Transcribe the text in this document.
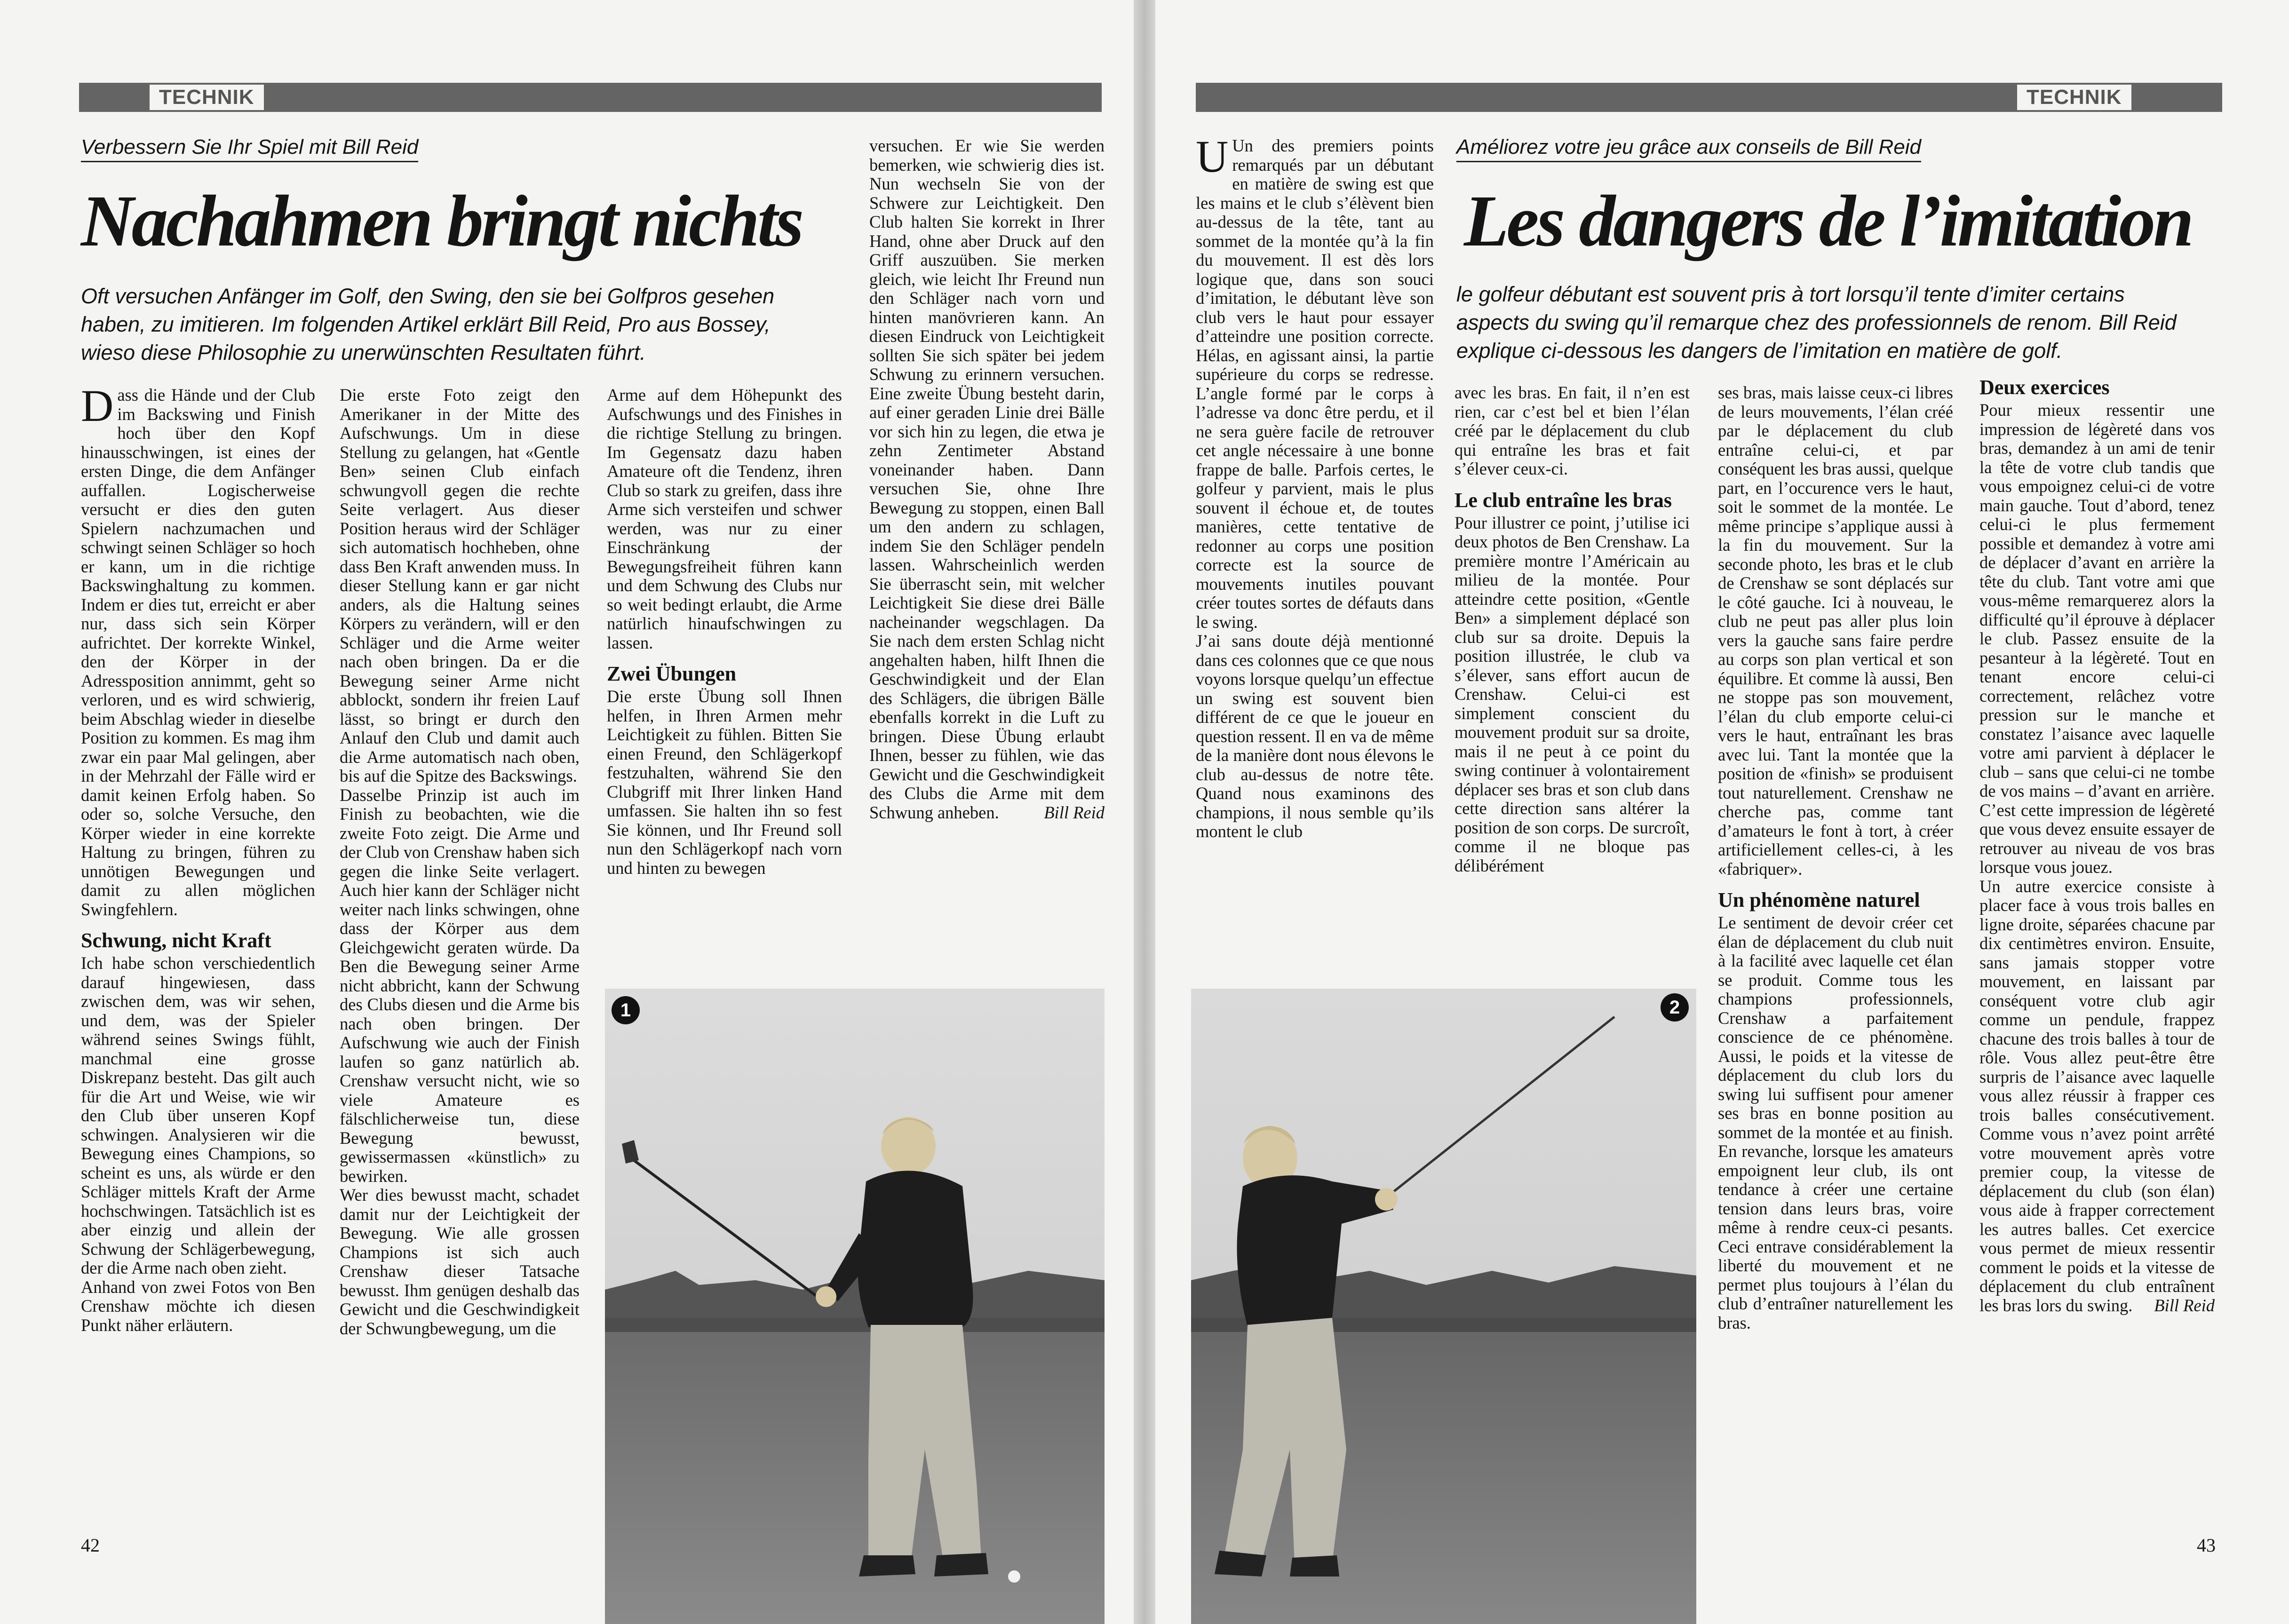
TECHNIK
Verbessern Sie Ihr Spiel mit Bill Reid
Nachahmen bringt nichts
Oft versuchen Anfänger im Golf, den Swing, den sie bei Golfpros gesehen haben, zu imitieren. Im folgenden Artikel erklärt Bill Reid, Pro aus Bossey, wieso diese Philosophie zu unerwünschten Resultaten führt.

Dass die Hände und der Club im Backswing und Finish hoch über den Kopf hinausschwingen, ist eines der ersten Dinge, die dem Anfänger auffallen. Logischerweise versucht er dies den guten Spielern nachzumachen und schwingt seinen Schläger so hoch er kann, um in die richtige Backswinghaltung zu kommen. Indem er dies tut, erreicht er aber nur, dass sich sein Körper aufrichtet. Der korrekte Winkel, den der Körper in der Adressposition annimmt, geht so verloren, und es wird schwierig, beim Abschlag wieder in dieselbe Position zu kommen. Es mag ihm zwar ein paar Mal gelingen, aber in der Mehrzahl der Fälle wird er damit keinen Erfolg haben. So oder so, solche Versuche, den Körper wieder in eine korrekte Haltung zu bringen, führen zu unnötigen Bewegungen und damit zu allen möglichen Swingfehlern.

Schwung, nicht Kraft

Ich habe schon verschiedentlich darauf hingewiesen, dass zwischen dem, was wir sehen, und dem, was der Spieler während seines Swings fühlt, manchmal eine grosse Diskrepanz besteht. Das gilt auch für die Art und Weise, wie wir den Club über unseren Kopf schwingen. Analysieren wir die Bewegung eines Champions, so scheint es uns, als würde er den Schläger mittels Kraft der Arme hochschwingen. Tatsächlich ist es aber einzig und allein der Schwung der Schlägerbewegung, der die Arme nach oben zieht.

Anhand von zwei Fotos von Ben Crenshaw möchte ich diesen Punkt näher erläutern.

Die erste Foto zeigt den Amerikaner in der Mitte des Aufschwungs. Um in diese Stellung zu gelangen, hat «Gentle Ben» seinen Club einfach schwungvoll gegen die rechte Seite verlagert. Aus dieser Position heraus wird der Schläger sich automatisch hochheben, ohne dass Ben Kraft anwenden muss. In dieser Stellung kann er gar nicht anders, als die Haltung seines Körpers zu verändern, will er den Schläger und die Arme weiter nach oben bringen. Da er die Bewegung seiner Arme nicht abblockt, sondern ihr freien Lauf lässt, so bringt er durch den Anlauf den Club und damit auch die Arme automatisch nach oben, bis auf die Spitze des Backswings.

Dasselbe Prinzip ist auch im Finish zu beobachten, wie die zweite Foto zeigt. Die Arme und der Club von Crenshaw haben sich gegen die linke Seite verlagert. Auch hier kann der Schläger nicht weiter nach links schwingen, ohne dass der Körper aus dem Gleichgewicht geraten würde. Da Ben die Bewegung seiner Arme nicht abbricht, kann der Schwung des Clubs diesen und die Arme bis nach oben bringen. Der Aufschwung wie auch der Finish laufen so ganz natürlich ab. Crenshaw versucht nicht, wie so viele Amateure es fälschlicherweise tun, diese Bewegung bewusst, gewissermassen «künstlich» zu bewirken.

Wer dies bewusst macht, schadet damit nur der Leichtigkeit der Bewegung. Wie alle grossen Champions ist sich auch Crenshaw dieser Tatsache bewusst. Ihm genügen deshalb das Gewicht und die Geschwindigkeit der Schwungbewegung, um die

Arme auf dem Höhepunkt des Aufschwungs und des Finishes in die richtige Stellung zu bringen. Im Gegensatz dazu haben Amateure oft die Tendenz, ihren Club so stark zu greifen, dass ihre Arme sich versteifen und schwer werden, was nur zu einer Einschränkung der Bewegungsfreiheit führen kann und dem Schwung des Clubs nur so weit bedingt erlaubt, die Arme natürlich hinaufschwingen zu lassen.

Zwei Übungen

Die erste Übung soll Ihnen helfen, in Ihren Armen mehr Leichtigkeit zu fühlen. Bitten Sie einen Freund, den Schlägerkopf festzuhalten, während Sie den Clubgriff mit Ihrer linken Hand umfassen. Sie halten ihn so fest Sie können, und Ihr Freund soll nun den Schlägerkopf nach vorn und hinten zu bewegen

versuchen. Er wie Sie werden bemerken, wie schwierig dies ist. Nun wechseln Sie von der Schwere zur Leichtigkeit. Den Club halten Sie korrekt in Ihrer Hand, ohne aber Druck auf den Griff auszuüben. Sie merken gleich, wie leicht Ihr Freund nun den Schläger nach vorn und hinten manövrieren kann. An diesen Eindruck von Leichtigkeit sollten Sie sich später bei jedem Schwung zu erinnern versuchen. Eine zweite Übung besteht darin, auf einer geraden Linie drei Bälle vor sich hin zu legen, die etwa je zehn Zentimeter Abstand voneinander haben. Dann versuchen Sie, ohne Ihre Bewegung zu stoppen, einen Ball um den andern zu schlagen, indem Sie den Schläger pendeln lassen. Wahrscheinlich werden Sie überrascht sein, mit welcher Leichtigkeit Sie diese drei Bälle nacheinander wegschlagen. Da Sie nach dem ersten Schlag nicht angehalten haben, hilft Ihnen die Geschwindigkeit und der Elan des Schlägers, die übrigen Bälle ebenfalls korrekt in die Luft zu bringen. Diese Übung erlaubt Ihnen, besser zu fühlen, wie das Gewicht und die Geschwindigkeit des Clubs die Arme mit dem Schwung anheben.	Bill Reid

1
42
TECHNIK
Améliorez votre jeu grâce aux conseils de Bill Reid
Les dangers de l’imitation
le golfeur débutant est souvent pris à tort lorsqu’il tente d’imiter certains aspects du swing qu’il remarque chez des professionnels de renom. Bill Reid explique ci-dessous les dangers de l’imitation en matière de golf.

U Un des premiers points remarqués par un débutant en matière de swing est que les mains et le club s’élèvent bien au-dessus de la tête, tant au sommet de la montée qu’à la fin du mouvement. Il est dès lors logique que, dans son souci d’imitation, le débutant lève son club vers le haut pour essayer d’atteindre une position correcte. Hélas, en agissant ainsi, la partie supérieure du corps se redresse. L’angle formé par le corps à l’adresse va donc être perdu, et il ne sera guère facile de retrouver cet angle nécessaire à une bonne frappe de balle. Parfois certes, le golfeur y parvient, mais le plus souvent il échoue et, de toutes manières, cette tentative de redonner au corps une position correcte est la source de mouvements inutiles pouvant créer toutes sortes de défauts dans le swing.

J’ai sans doute déjà mentionné dans ces colonnes que ce que nous voyons lorsque quelqu’un effectue un swing est souvent bien différent de ce que le joueur en question ressent. Il en va de même de la manière dont nous élevons le club au-dessus de notre tête. Quand nous examinons des champions, il nous semble qu’ils montent le club

avec les bras. En fait, il n’en est rien, car c’est bel et bien l’élan créé par le déplacement du club qui entraîne les bras et fait s’élever ceux-ci.

Le club entraîne les bras

Pour illustrer ce point, j’utilise ici deux photos de Ben Crenshaw. La première montre l’Américain au milieu de la montée. Pour atteindre cette position, «Gentle Ben» a simplement déplacé son club sur sa droite. Depuis la position illustrée, le club va s’élever, sans effort aucun de Crenshaw. Celui-ci est simplement conscient du mouvement produit sur sa droite, mais il ne peut à ce point du swing continuer à volontairement déplacer ses bras et son club dans cette direction sans altérer la position de son corps. De surcroît, comme il ne bloque pas délibérément

ses bras, mais laisse ceux-ci libres de leurs mouvements, l’élan créé par le déplacement du club entraîne celui-ci, et par conséquent les bras aussi, quelque part, en l’occurence vers le haut, soit le sommet de la montée. Le même principe s’applique aussi à la fin du mouvement. Sur la seconde photo, les bras et le club de Crenshaw se sont déplacés sur le côté gauche. Ici à nouveau, le club ne peut pas aller plus loin vers la gauche sans faire perdre au corps son plan vertical et son équilibre. Et comme là aussi, Ben ne stoppe pas son mouvement, l’élan du club emporte celui-ci vers le haut, entraînant les bras avec lui. Tant la montée que la position de «finish» se produisent tout naturellement. Crenshaw ne cherche pas, comme tant d’amateurs le font à tort, à créer artificiellement celles-ci, à les «fabriquer».

Un phénomène naturel

Le sentiment de devoir créer cet élan de déplacement du club nuit à la facilité avec laquelle cet élan se produit. Comme tous les champions professionnels, Crenshaw a parfaitement conscience de ce phénomène. Aussi, le poids et la vitesse de déplacement du club lors du swing lui suffisent pour amener ses bras en bonne position au sommet de la montée et au finish. En revanche, lorsque les amateurs empoignent leur club, ils ont tendance à créer une certaine tension dans leurs bras, voire même à rendre ceux-ci pesants. Ceci entrave considérablement la liberté du mouvement et ne permet plus toujours à l’élan du club d’entraîner naturellement les bras.

Deux exercices

Pour mieux ressentir une impression de légèreté dans vos bras, demandez à un ami de tenir la tête de votre club tandis que vous empoignez celui-ci de votre main gauche. Tout d’abord, tenez celui-ci le plus fermement possible et demandez à votre ami de déplacer d’avant en arrière la tête du club. Tant votre ami que vous-même remarquerez alors la difficulté qu’il éprouve à déplacer le club. Passez ensuite de la pesanteur à la légèreté. Tout en tenant encore celui-ci correctement, relâchez votre pression sur le manche et constatez l’aisance avec laquelle votre ami parvient à déplacer le club – sans que celui-ci ne tombe de vos mains – d’avant en arrière. C’est cette impression de légèreté que vous devez ensuite essayer de retrouver au niveau de vos bras lorsque vous jouez.

Un autre exercice consiste à placer face à vous trois balles en ligne droite, séparées chacune par dix centimètres environ. Ensuite, sans jamais stopper votre mouvement, en laissant par conséquent votre club agir comme un pendule, frappez chacune des trois balles à tour de rôle. Vous allez peut-être être surpris de l’aisance avec laquelle vous allez réussir à frapper ces trois balles consécutivement. Comme vous n’avez point arrêté votre mouvement après votre premier coup, la vitesse de déplacement du club (son élan) vous aide à frapper correctement les autres balles. Cet exercice vous permet de mieux ressentir comment le poids et la vitesse de déplacement du club entraînent les bras lors du swing. Bill Reid

2
43
